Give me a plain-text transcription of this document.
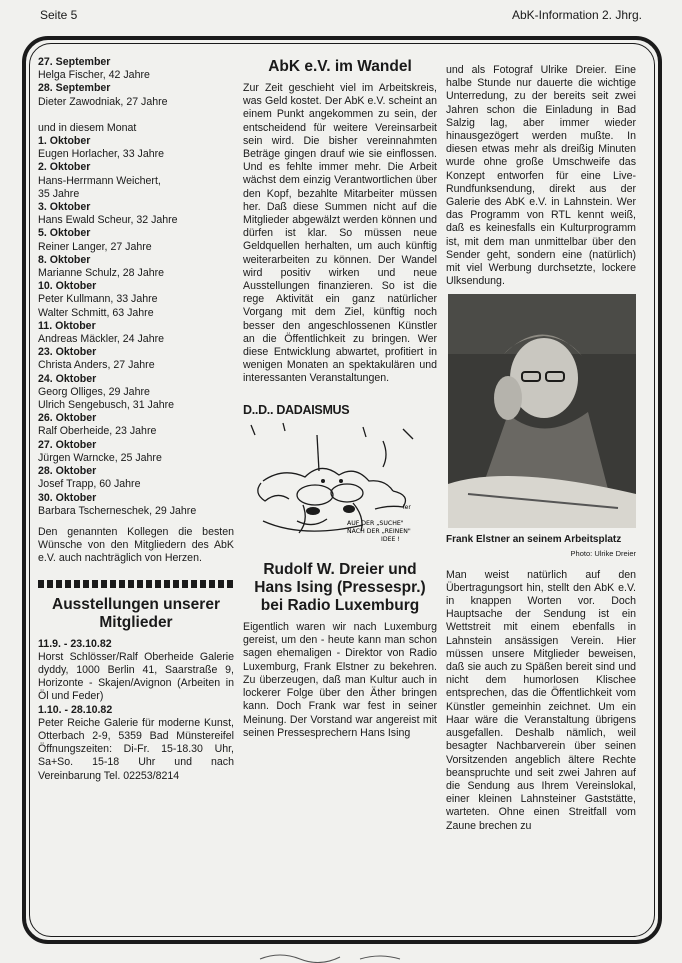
Seite 5	AbK-Information 2. Jhrg.
27. September
Helga Fischer, 42 Jahre
28. September
Dieter Zawodniak, 27 Jahre
und in diesem Monat
1. Oktober
Eugen Horlacher, 33 Jahre
2. Oktober
Hans-Herrmann Weichert,
35 Jahre
3. Oktober
Hans Ewald Scheur, 32 Jahre
5. Oktober
Reiner Langer, 27 Jahre
8. Oktober
Marianne Schulz, 28 Jahre
10. Oktober
Peter Kullmann, 33 Jahre
Walter Schmitt, 63 Jahre
11. Oktober
Andreas Mäckler, 24 Jahre
23. Oktober
Christa Anders, 27 Jahre
24. Oktober
Georg Olliges, 29 Jahre
Ulrich Sengebusch, 31 Jahre
26. Oktober
Ralf Oberheide, 23 Jahre
27. Oktober
Jürgen Warncke, 25 Jahre
28. Oktober
Josef Trapp, 60 Jahre
30. Oktober
Barbara Tscherneschek, 29 Jahre
Den genannten Kollegen die besten Wünsche von den Mitgliedern des AbK e.V. auch nachträglich von Herzen.
Ausstellungen unserer
Mitglieder
11.9. - 23.10.82
Horst Schlösser/Ralf Oberheide Galerie dyddy, 1000 Berlin 41, Saarstraße 9, Horizonte - Skajen/Avignon (Arbeiten in Öl und Feder)
1.10. - 28.10.82
Peter Reiche Galerie für moderne Kunst, Otterbach 2-9, 5359 Bad Münstereifel Öffnungszeiten: Di-Fr. 15-18.30 Uhr, Sa+So. 15-18 Uhr und nach Vereinbarung Tel. 02253/8214
AbK e.V. im Wandel
Zur Zeit geschieht viel im Arbeitskreis, was Geld kostet. Der AbK e.V. scheint an einem Punkt angekommen zu sein, der entscheidend für weitere Vereinsarbeit sein wird. Die bisher vereinnahmten Beträge gingen drauf wie sie einflossen. Und es fehlte immer mehr. Die Arbeit wächst dem einzig Verantwortlichen über den Kopf, bezahlte Mitarbeiter müssen her. Daß diese Summen nicht auf die Mitglieder abgewälzt werden können und dürfen ist klar. So müssen neue Geldquellen herhalten, um auch künftig weiterarbeiten zu können. Der Wandel wird positiv wirken und neue Ausstellungen finanzieren. So ist die rege Aktivität ein ganz natürlicher Vorgang mit dem Ziel, künftig noch besser den angeschlossenen Künstler an die Öffentlichkeit zu bringen. Wer diese Entwicklung abwartet, profitiert in wenigen Monaten an spektakulären und interessanten Veranstaltungen.
D..D.. DADAISMUS
ler
AUF DER „SUCHE"
NACH DER „REINEN"
IDEE !
Rudolf W. Dreier und
Hans Ising (Pressespr.)
bei Radio Luxemburg
Eigentlich waren wir nach Luxemburg gereist, um den - heute kann man schon sagen ehemaligen - Direktor von Radio Luxemburg, Frank Elstner zu bekehren. Zu überzeugen, daß man Kultur auch in lockerer Folge über den Äther bringen kann. Doch Frank war fest in seiner Meinung. Der Vorstand war angereist mit seinen Pressesprechern Hans Ising
und als Fotograf Ulrike Dreier. Eine halbe Stunde nur dauerte die wichtige Unterredung, zu der bereits seit zwei Jahren schon die Einladung in Bad Salzig lag, aber immer wieder hinausgezögert werden mußte. In diesen etwas mehr als dreißig Minuten wurde ohne große Umschweife das Konzept entworfen für eine Live-Rundfunksendung, direkt aus der Galerie des AbK e.V. in Lahnstein. Wer das Programm von RTL kennt weiß, daß es keinesfalls ein Kulturprogramm ist, mit dem man unmittelbar über den Sender geht, sondern eine (natürlich) mit viel Werbung durchsetzte, lockere Ulksendung.
Frank Elstner an seinem Arbeitsplatz
Photo: Ulrike Dreier
Man weist natürlich auf den Übertragungsort hin, stellt den AbK e.V. in knappen Worten vor. Doch Hauptsache der Sendung ist ein Wettstreit mit einem ebenfalls in Lahnstein ansässigen Verein. Hier müssen unsere Mitglieder beweisen, daß sie auch zu Späßen bereit sind und nicht dem humorlosen Klischee entsprechen, das die Öffentlichkeit vom Künstler gemeinhin zeichnet. Um ein Haar wäre die Veranstaltung übrigens ausgefallen. Deshalb nämlich, weil besagter Nachbarverein über seinen Vorsitzenden angeblich ältere Rechte beanspruchte und seit zwei Jahren auf die Sendung aus Ihrem Vereinslokal, einer kleinen Lahnsteiner Gaststätte, warteten. Ohne einen Streitfall vom Zaune brechen zu
